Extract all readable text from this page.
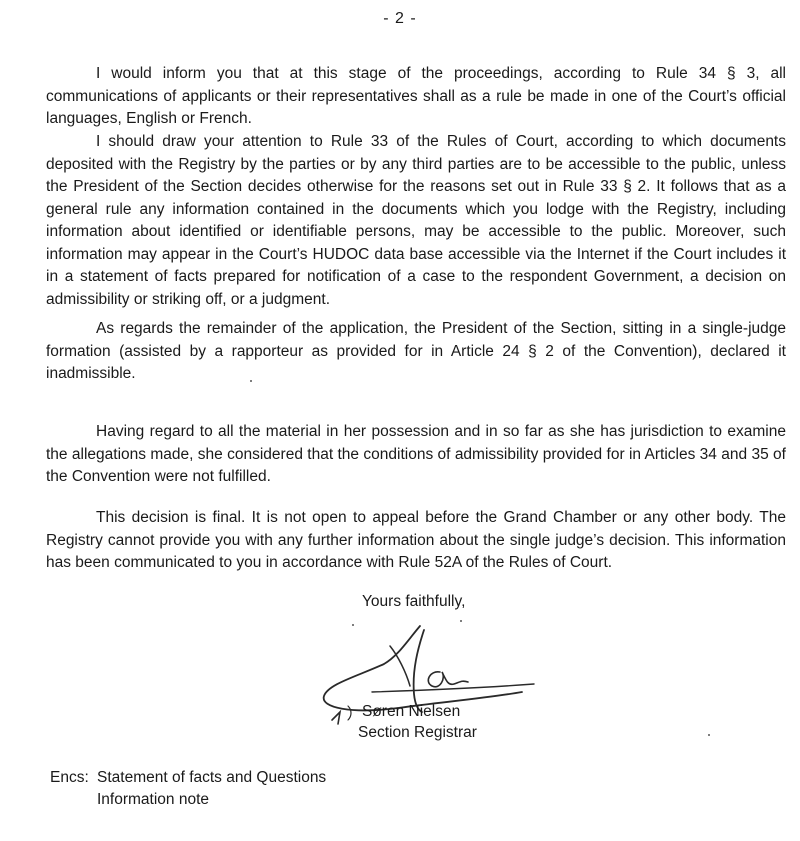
- 2 -

I would inform you that at this stage of the proceedings, according to Rule 34 § 3, all communications of applicants or their representatives shall as a rule be made in one of the Court’s official languages, English or French.

I should draw your attention to Rule 33 of the Rules of Court, according to which documents deposited with the Registry by the parties or by any third parties are to be accessible to the public, unless the President of the Section decides otherwise for the reasons set out in Rule 33 § 2. It follows that as a general rule any information contained in the documents which you lodge with the Registry, including information about identified or identifiable persons, may be accessible to the public. Moreover, such information may appear in the Court’s HUDOC data base accessible via the Internet if the Court includes it in a statement of facts prepared for notification of a case to the respondent Government, a decision on admissibility or striking off, or a judgment.

As regards the remainder of the application, the President of the Section, sitting in a single-judge formation (assisted by a rapporteur as provided for in Article 24 § 2 of the Convention), declared it inadmissible.

Having regard to all the material in her possession and in so far as she has jurisdiction to examine the allegations made, she considered that the conditions of admissibility provided for in Articles 34 and 35 of the Convention were not fulfilled.

This decision is final. It is not open to appeal before the Grand Chamber or any other body. The Registry cannot provide you with any further information about the single judge’s decision. This information has been communicated to you in accordance with Rule 52A of the Rules of Court.

Yours faithfully,
Søren Nielsen
Section Registrar
Encs: Statement of facts and Questions
Information note
